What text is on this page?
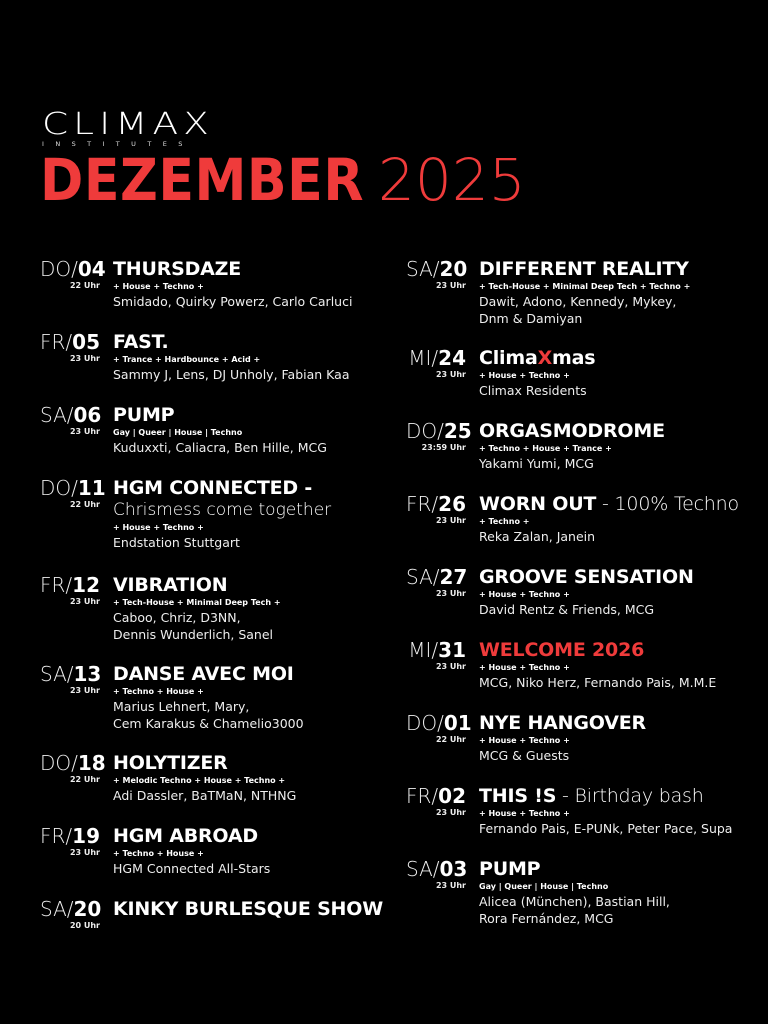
CLIMAX
INSTITUTES
DEZEMBER 2025
DO/04
22 Uhr
THURSDAZE
+ House + Techno +
Smidado, Quirky Powerz, Carlo Carluci
FR/05
23 Uhr
FAST.
+ Trance + Hardbounce + Acid +
Sammy J, Lens, DJ Unholy, Fabian Kaa
SA/06
23 Uhr
PUMP
Gay | Queer | House | Techno
Kuduxxti, Caliacra, Ben Hille, MCG
DO/11
22 Uhr
HGM CONNECTED -
Chrismess come together
+ House + Techno +
Endstation Stuttgart
FR/12
23 Uhr
VIBRATION
+ Tech-House + Minimal Deep Tech +
Caboo, Chriz, D3NN,
Dennis Wunderlich, Sanel
SA/13
23 Uhr
DANSE AVEC MOI
+ Techno + House +
Marius Lehnert, Mary,
Cem Karakus & Chamelio3000
DO/18
22 Uhr
HOLYTIZER
+ Melodic Techno + House + Techno +
Adi Dassler, BaTMaN, NTHNG
FR/19
23 Uhr
HGM ABROAD
+ Techno + House +
HGM Connected All-Stars
SA/20
20 Uhr
KINKY BURLESQUE SHOW
SA/20
23 Uhr
DIFFERENT REALITY
+ Tech-House + Minimal Deep Tech + Techno +
Dawit, Adono, Kennedy, Mykey,
Dnm & Damiyan
MI/24
23 Uhr
ClimaXmas
+ House + Techno +
Climax Residents
DO/25
23:59 Uhr
ORGASMODROME
+ Techno + House + Trance +
Yakami Yumi, MCG
FR/26
23 Uhr
WORN OUT - 100% Techno
+ Techno +
Reka Zalan, Janein
SA/27
23 Uhr
GROOVE SENSATION
+ House + Techno +
David Rentz & Friends, MCG
MI/31
23 Uhr
WELCOME 2026
+ House + Techno +
MCG, Niko Herz, Fernando Pais, M.M.E
DO/01
22 Uhr
NYE HANGOVER
+ House + Techno +
MCG & Guests
FR/02
23 Uhr
THIS !S - Birthday bash
+ House + Techno +
Fernando Pais, E-PUNk, Peter Pace, Supa
SA/03
23 Uhr
PUMP
Gay | Queer | House | Techno
Alicea (München), Bastian Hill,
Rora Fernández, MCG
